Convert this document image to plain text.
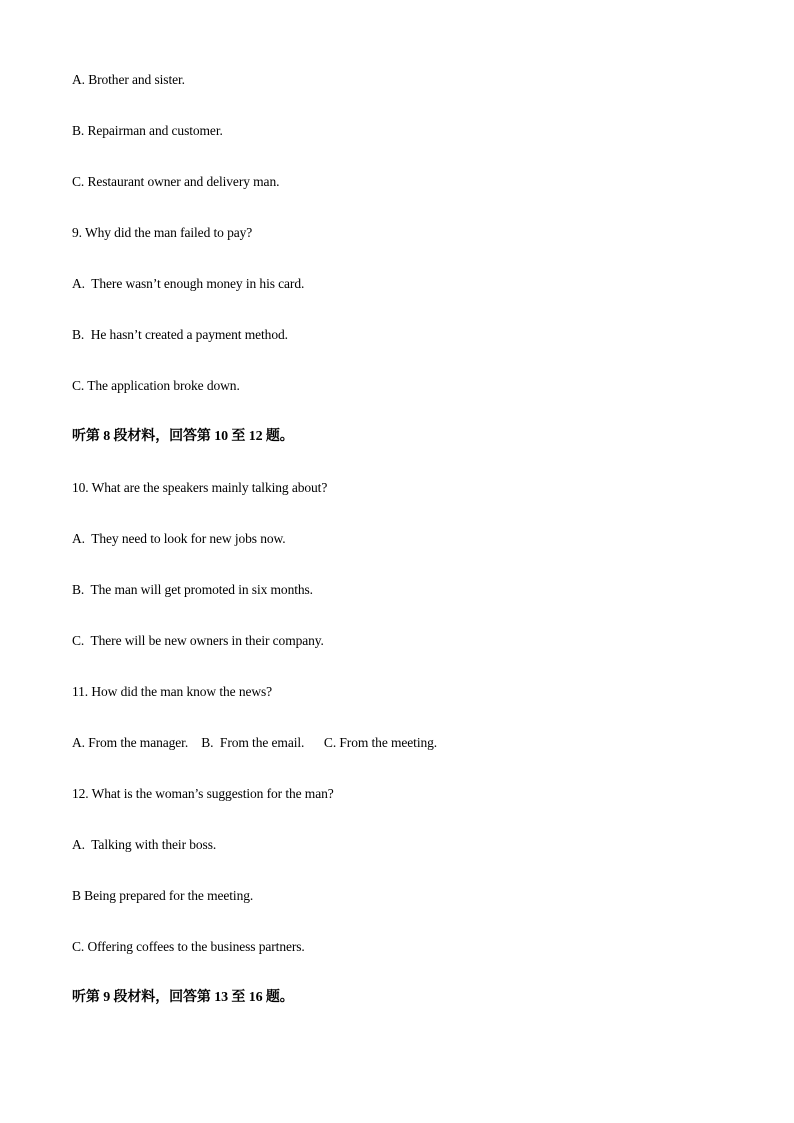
A. Brother and sister.
B. Repairman and customer.
C. Restaurant owner and delivery man.
9. Why did the man failed to pay?
A.  There wasn’t enough money in his card.
B.  He hasn’t created a payment method.
C. The application broke down.
听第 8 段材料，回答第 10 至 12 题。
10. What are the speakers mainly talking about?
A.  They need to look for new jobs now.
B.  The man will get promoted in six months.
C.  There will be new owners in their company.
11. How did the man know the news?
A. From the manager.    B.  From the email.      C. From the meeting.
12. What is the woman’s suggestion for the man?
A.  Talking with their boss.
B Being prepared for the meeting.
C. Offering coffees to the business partners.
听第 9 段材料，回答第 13 至 16 题。
